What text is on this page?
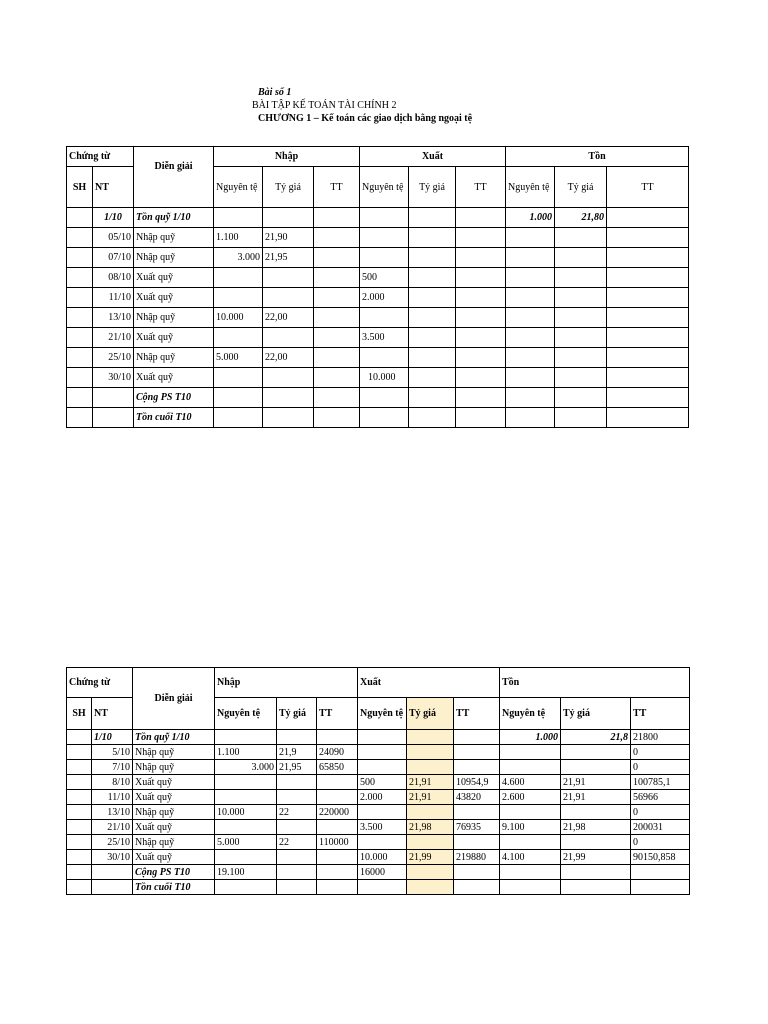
Bài số 1
BÀI TẬP KẾ TOÁN TÀI CHÍNH 2
CHƯƠNG 1 – Kế toán các giao dịch bằng ngoại tệ
Chứng từ		Diễn giải	Nhập			Xuất			Tồn		
SH	NT		Nguyên tệ	Tỷ giá	TT	Nguyên tệ	Tỷ giá	TT	Nguyên tệ	Tỷ giá	TT
	1/10	Tồn quỹ 1/10							1.000	21,80	
	05/10	Nhập quỹ	1.100	21,90							
	07/10	Nhập quỹ	3.000	21,95							
	08/10	Xuất quỹ				500					
	11/10	Xuất quỹ				2.000					
	13/10	Nhập quỹ	10.000	22,00							
	21/10	Xuất quỹ				3.500					
	25/10	Nhập quỹ	5.000	22,00							
	30/10	Xuất quỹ				10.000					
		Cộng PS T10									
		Tồn cuối T10									
Chứng từ		Diễn giải	Nhập			Xuất			Tồn		
SH	NT		Nguyên tệ	Tỷ giá	TT	Nguyên tệ	Tỷ giá	TT	Nguyên tệ	Tỷ giá	TT
	1/10	Tồn quỹ 1/10							1.000	21,8	21800
	5/10	Nhập quỹ	1.100	21,9	24090						0
	7/10	Nhập quỹ	3.000	21,95	65850						0
	8/10	Xuất quỹ				500	21,91	10954,9	4.600	21,91	100785,1
	11/10	Xuất quỹ				2.000	21,91	43820	2.600	21,91	56966
	13/10	Nhập quỹ	10.000	22	220000						0
	21/10	Xuất quỹ				3.500	21,98	76935	9.100	21,98	200031
	25/10	Nhập quỹ	5.000	22	110000						0
	30/10	Xuất quỹ				10.000	21,99	219880	4.100	21,99	90150,858
		Cộng PS T10	19.100			16000					
		Tồn cuối T10									
